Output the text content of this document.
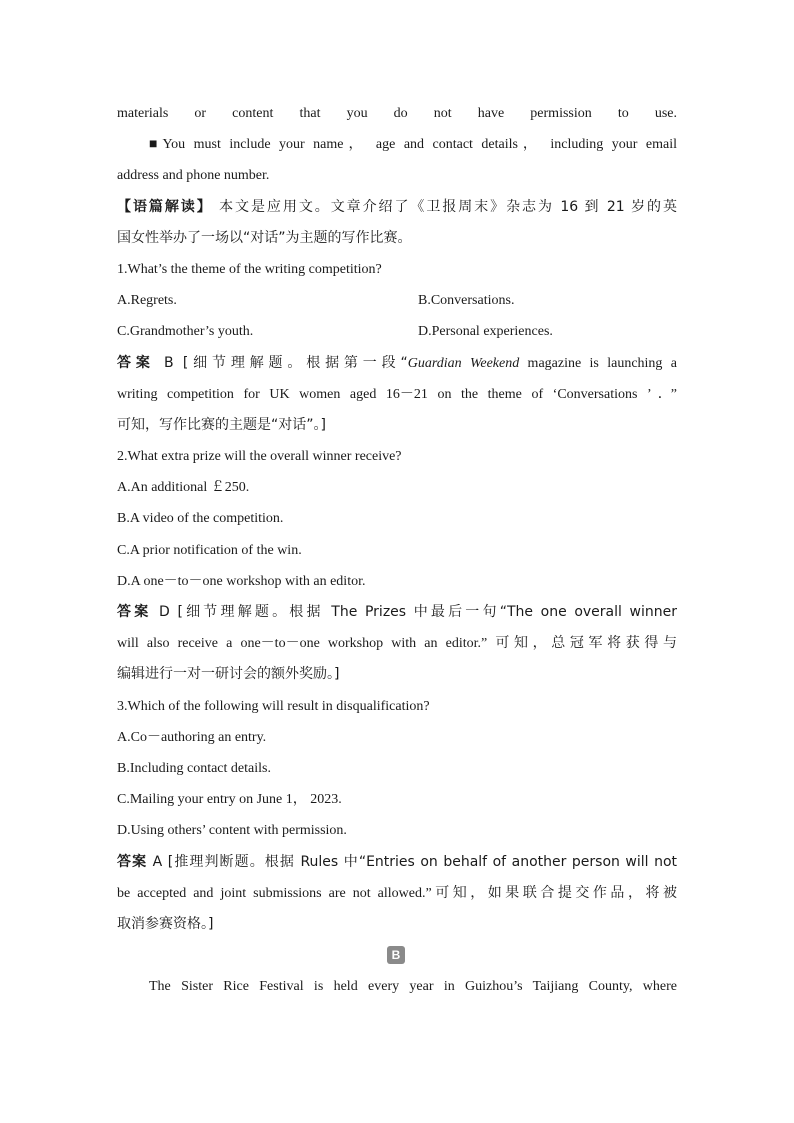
materials or content that you do not have permission to use.
■You must include your name， age and contact details， including your email
address and phone number.
【语篇解读】 本文是应用文。文章介绍了《卫报周末》杂志为 16 到 21 岁的英
国女性举办了一场以“对话”为主题的写作比赛。
1.What’s the theme of the writing competition?
A.Regrets.	B.Conversations.
C.Grandmother’s youth.	D.Personal experiences.
答案 B [细节理解题。根据第一段“Guardian Weekend magazine is launching a
writing competition for UK women aged 16－21 on the theme of ‘Conversations ’．”
可知，写作比赛的主题是“对话”。]
2.What extra prize will the overall winner receive?
A.An additional ￡250.
B.A video of the competition.
C.A prior notification of the win.
D.A one－to－one workshop with an editor.
答案 D [细节理解题。根据 The Prizes 中最后一句“The one overall winner
will also receive a one－to－one workshop with an editor.” 可知，总冠军将获得与
编辑进行一对一研讨会的额外奖励。]
3.Which of the following will result in disqualification?
A.Co－authoring an entry.
B.Including contact details.
C.Mailing your entry on June 1， 2023.
D.Using others’ content with permission.
答案 A [推理判断题。根据 Rules 中“Entries on behalf of another person will not
be accepted and joint submissions are not allowed.”可知，如果联合提交作品，将被
取消参赛资格。]
B
The Sister Rice Festival is held every year in Guizhou’s Taijiang County, where
